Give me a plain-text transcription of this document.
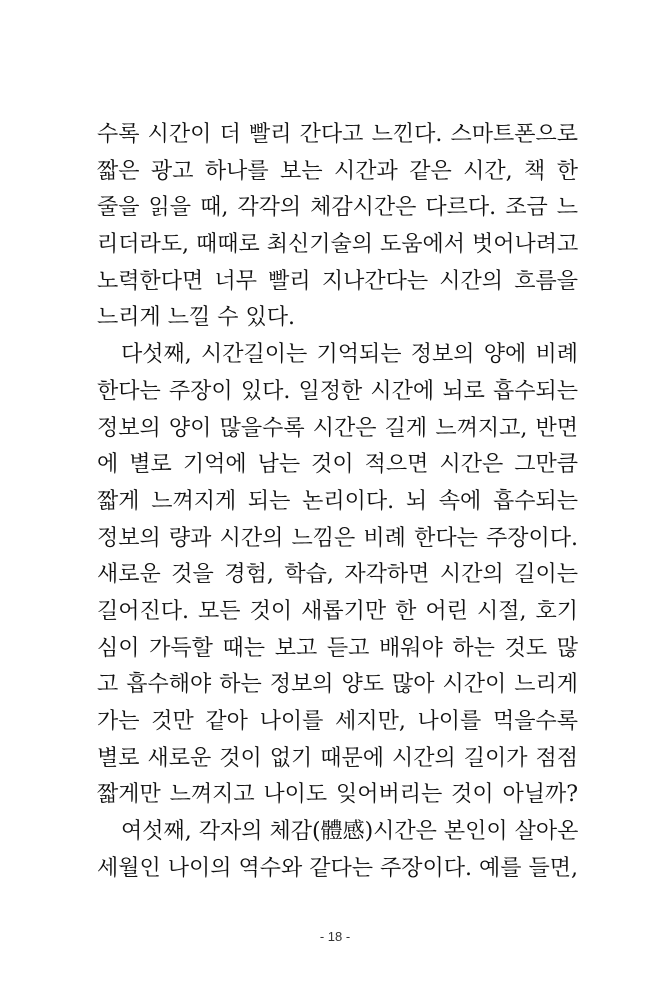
수록 시간이 더 빨리 간다고 느낀다. 스마트폰으로
짧은 광고 하나를 보는 시간과 같은 시간, 책 한
줄을 읽을 때, 각각의 체감시간은 다르다. 조금 느
리더라도, 때때로 최신기술의 도움에서 벗어나려고
노력한다면 너무 빨리 지나간다는 시간의 흐름을
느리게 느낄 수 있다.
다섯째, 시간길이는 기억되는 정보의 양에 비례
한다는 주장이 있다. 일정한 시간에 뇌로 흡수되는
정보의 양이 많을수록 시간은 길게 느껴지고, 반면
에 별로 기억에 남는 것이 적으면 시간은 그만큼
짧게 느껴지게 되는 논리이다. 뇌 속에 흡수되는
정보의 량과 시간의 느낌은 비례 한다는 주장이다.
새로운 것을 경험, 학습, 자각하면 시간의 길이는
길어진다. 모든 것이 새롭기만 한 어린 시절, 호기
심이 가득할 때는 보고 듣고 배워야 하는 것도 많
고 흡수해야 하는 정보의 양도 많아 시간이 느리게
가는 것만 같아 나이를 세지만, 나이를 먹을수록
별로 새로운 것이 없기 때문에 시간의 길이가 점점
짧게만 느껴지고 나이도 잊어버리는 것이 아닐까?
여섯째, 각자의 체감(體感)시간은 본인이 살아온
세월인 나이의 역수와 같다는 주장이다. 예를 들면,
- 18 -
